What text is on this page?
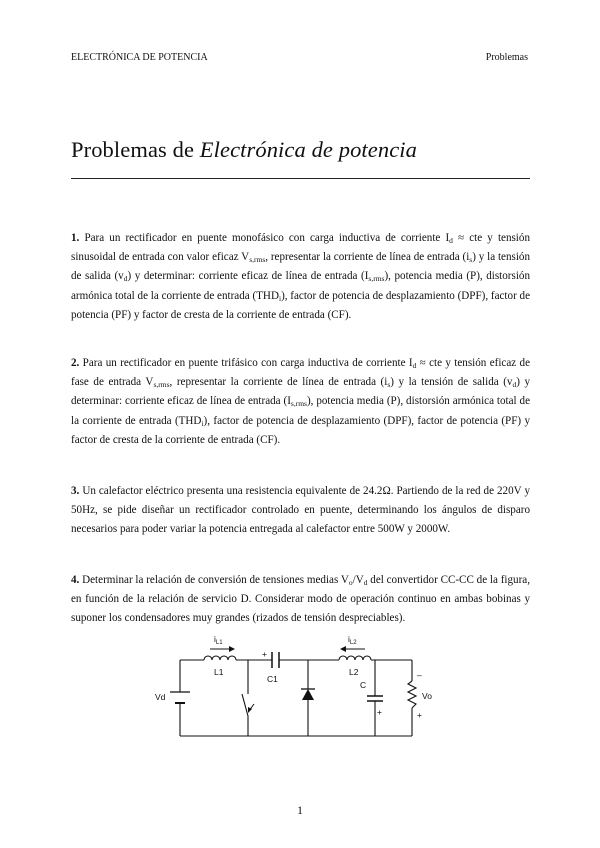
ELECTRÓNICA DE POTENCIA	Problemas
Problemas de Electrónica de potencia
1. Para un rectificador en puente monofásico con carga inductiva de corriente $I_d$ ≈ cte y tensión sinusoidal de entrada con valor eficaz $V_{s,rms}$, representar la corriente de línea de entrada $(i_s)$ y la tensión de salida $(v_d)$ y determinar: corriente eficaz de línea de entrada $(I_{s,rms})$, potencia media (P), distorsión armónica total de la corriente de entrada $(THD_i)$, factor de potencia de desplazamiento (DPF), factor de potencia (PF) y factor de cresta de la corriente de entrada (CF).
2. Para un rectificador en puente trifásico con carga inductiva de corriente $I_d$ ≈ cte y tensión eficaz de fase de entrada $V_{s,rms}$, representar la corriente de línea de entrada $(i_s)$ y la tensión de salida $(v_d)$ y determinar: corriente eficaz de línea de entrada $(I_{s,rms})$, potencia media (P), distorsión armónica total de la corriente de entrada $(THD_i)$, factor de potencia de desplazamiento (DPF), factor de potencia (PF) y factor de cresta de la corriente de entrada (CF).
3. Un calefactor eléctrico presenta una resistencia equivalente de 24.2Ω. Partiendo de la red de 220V y 50Hz, se pide diseñar un rectificador controlado en puente, determinando los ángulos de disparo necesarios para poder variar la potencia entregada al calefactor entre 500W y 2000W.
4. Determinar la relación de conversión de tensiones medias $V_o/V_d$ del convertidor CC-CC de la figura, en función de la relación de servicio D. Considerar modo de operación continuo en ambas bobinas y suponer los condensadores muy grandes (rizados de tensión despreciables).
$i_{L1}$	$i_{L2}$
L1	L2
C1
+
C
+
Vd	Vo
–
+
1
